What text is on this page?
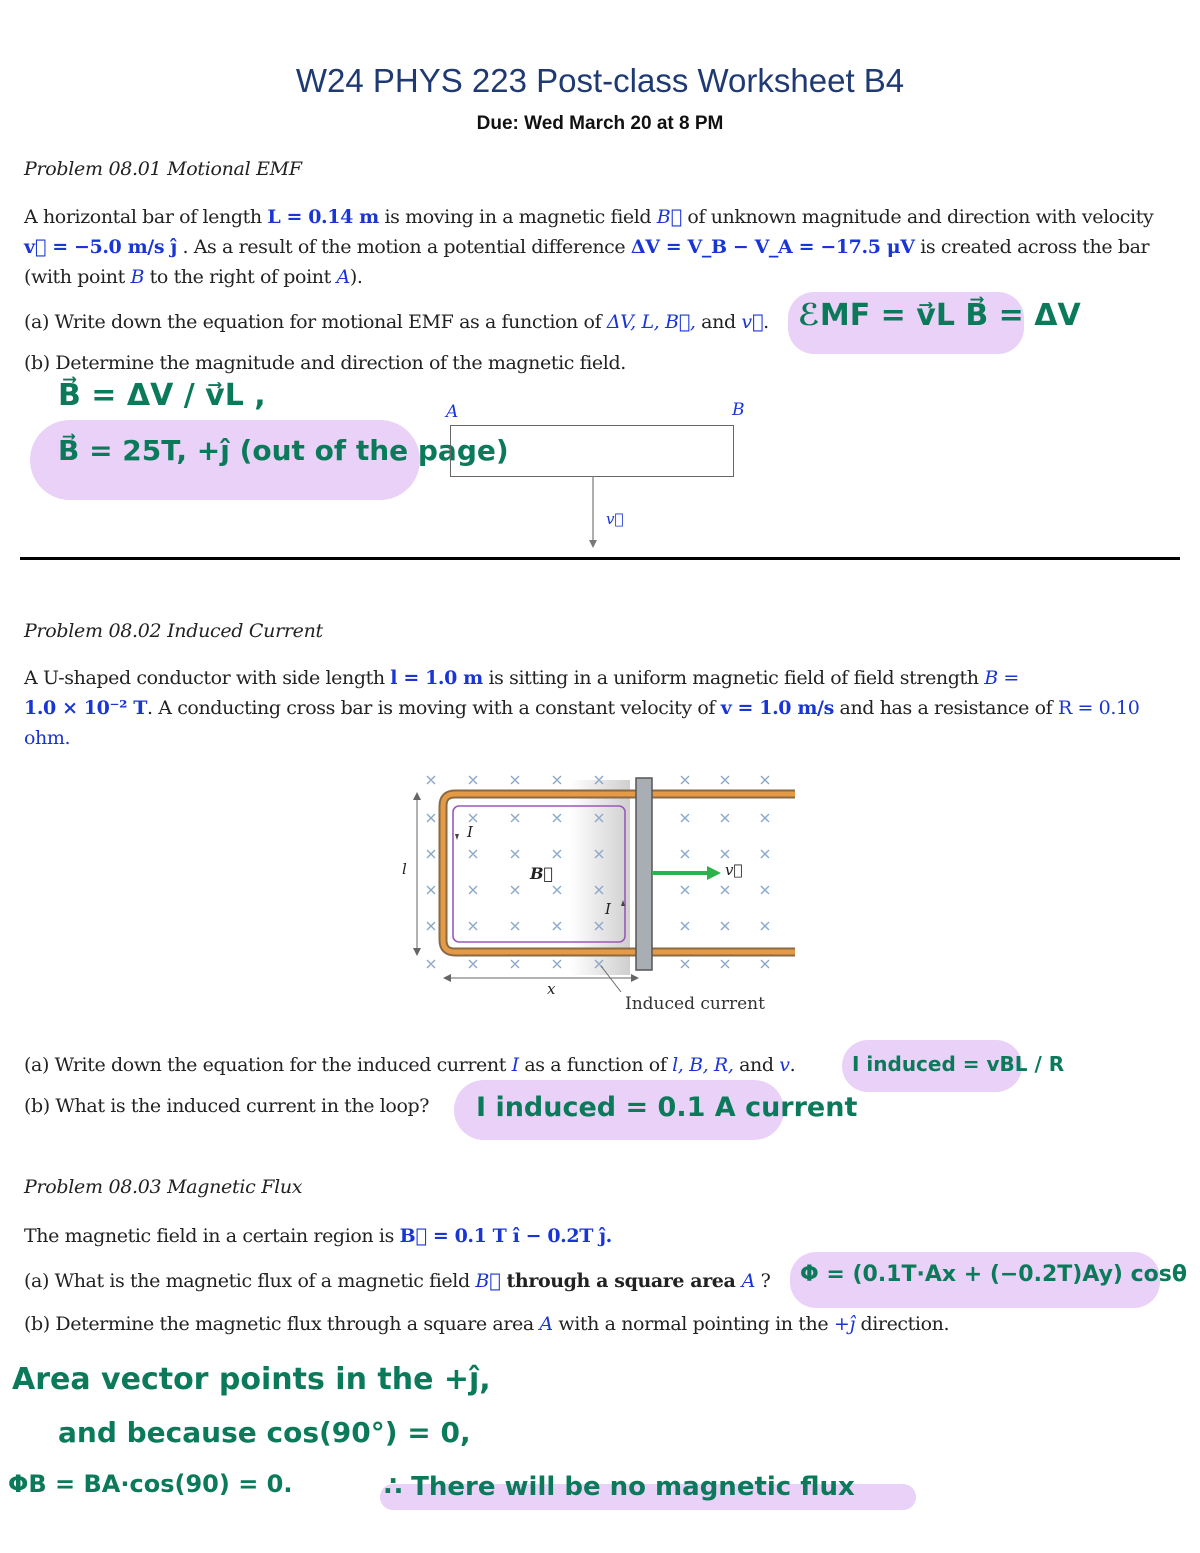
W24 PHYS 223 Post-class Worksheet B4
Due: Wed March 20 at 8 PM
Problem 08.01 Motional EMF
A horizontal bar of length L = 0.14 m is moving in a magnetic field B⃗ of unknown magnitude and direction with velocity
v⃗ = −5.0 m/s ĵ . As a result of the motion a potential difference ΔV = V_B − V_A = −17.5 μV is created across the bar
(with point B to the right of point A).
(a) Write down the equation for motional EMF as a function of ΔV, L, B⃗, and v⃗. ℰMF = v⃗L B⃗ = ΔV
(b) Determine the magnitude and direction of the magnetic field.
B⃗ = ΔV / v⃗L ,
B⃗ = 25T, +ĵ (out of the page)
A	B
v⃗
Problem 08.02 Induced Current
A U-shaped conductor with side length l = 1.0 m is sitting in a uniform magnetic field of field strength B =
1.0 × 10⁻² T. A conducting cross bar is moving with a constant velocity of v = 1.0 m/s and has a resistance of R = 0.10
ohm.
I
I
B⃗	v⃗
l
x
Induced current
(a) Write down the equation for the induced current I as a function of l, B, R, and v.	I induced = vBL / R
(b) What is the induced current in the loop? I induced = 0.1 A current
Problem 08.03 Magnetic Flux
The magnetic field in a certain region is B⃗ = 0.1 T î − 0.2T ĵ.
(a) What is the magnetic flux of a magnetic field B⃗ through a square area A ? Φ = (0.1T·Ax + (−0.2T)Ay) cosθ
(b) Determine the magnetic flux through a square area A with a normal pointing in the +ĵ direction.
Area vector points in the +ĵ,
and because cos(90°) = 0,
ΦB = BA·cos(90) = 0.	∴ There will be no magnetic flux
